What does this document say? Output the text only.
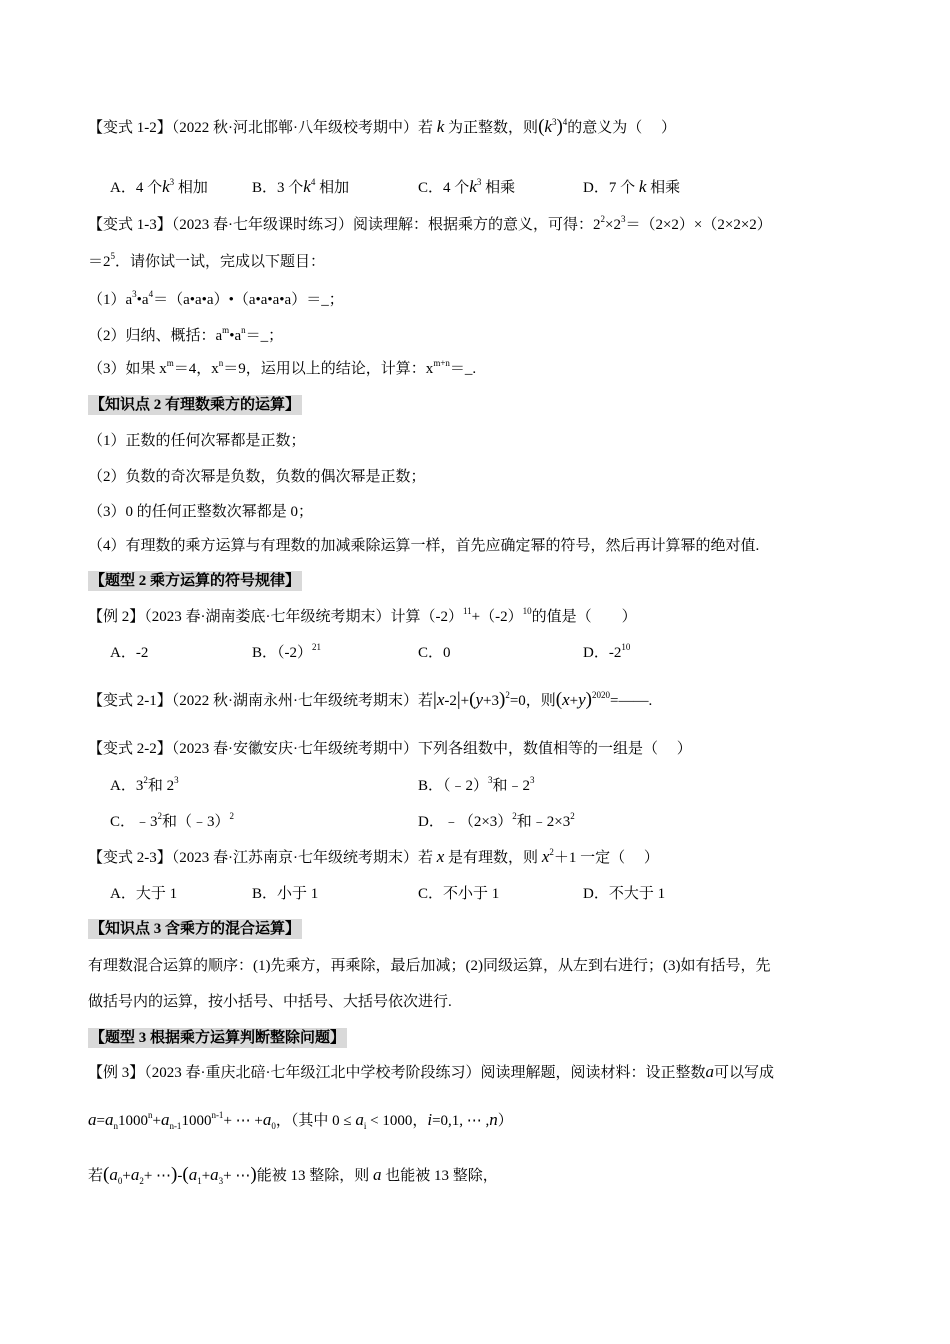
【变式 1-2】（2022 秋·河北邯郸·八年级校考期中）若 k 为正整数，则$(k^3)^4$的意义为（　 ）
A．4 个$k^3$ 相加	B．3 个$k^4$ 相加	C．4 个$k^3$ 相乘	D．7 个 k 相乘
【变式 1-3】（2023 春·七年级课时练习）阅读理解：根据乘方的意义，可得：$2^2\times 2^3=(2\times 2)\times(2\times 2\times 2)$
$=2^5$．请你试一试，完成以下题目：
$(1)a^3•a^4=(a•a•a)•(a•a•a•a)=\_$；
（2）归纳、概括：$a^m•a^n=\_$；
（3）如果 $x^m=4$，$x^n=9$，运用以上的结论，计算：$x^{m+n}=\_$.
【知识点 2 有理数乘方的运算】
（1）正数的任何次幂都是正数；
（2）负数的奇次幂是负数，负数的偶次幂是正数；
（3）0 的任何正整数次幂都是 0；
（4）有理数的乘方运算与有理数的加减乘除运算一样，首先应确定幂的符号，然后再计算幂的绝对值.
【题型 2 乘方运算的符号规律】
【例 2】（2023 春·湖南娄底·七年级统考期末）计算$(-2)^{11}+(-2)^{10}$的值是（　　）
A．-2	B．$(-2)^{21}$	C．0	D．$-2^{10}$
【变式 2-1】（2022 秋·湖南永州·七年级统考期末）若$|x-2|+(y+3)^2=0$，则$(x+y)^{2020}=——$.
【变式 2-2】（2023 春·安徽安庆·七年级统考期中）下列各组数中，数值相等的一组是（　 ）
A．$3^2$和 $2^3$	B．（﹣2）$^3$和$﹣2^3$
C．$﹣3^2$和（﹣3）$^2$	D．$﹣(2\times 3)^2$和$﹣2\times 3^2$
【变式 2-3】（2023 春·江苏南京·七年级统考期末）若 x 是有理数，则 $x^2+1$ 一定（　 ）
A．大于 1	B．小于 1	C．不小于 1	D．不大于 1
【知识点 3 含乘方的混合运算】
有理数混合运算的顺序：(1)先乘方，再乘除，最后加减；(2)同级运算，从左到右进行；(3)如有括号，先
做括号内的运算，按小括号、中括号、大括号依次进行.
【题型 3 根据乘方运算判断整除问题】
【例 3】（2023 春·重庆北碚·七年级江北中学校考阶段练习）阅读理解题，阅读材料：设正整数a可以写成
$a=a_n1000^n+a_{n-1}1000^{n-1}+$ ⋯ $+a_0$，（其中 $0 \le a_i < 1000$，i=0,1, ⋯ ,n）
若($a_0+a_2+$ $\cdots)-(a_1+a_3+$ ⋯)能被 13 整除，则 a 也能被 13 整除，
